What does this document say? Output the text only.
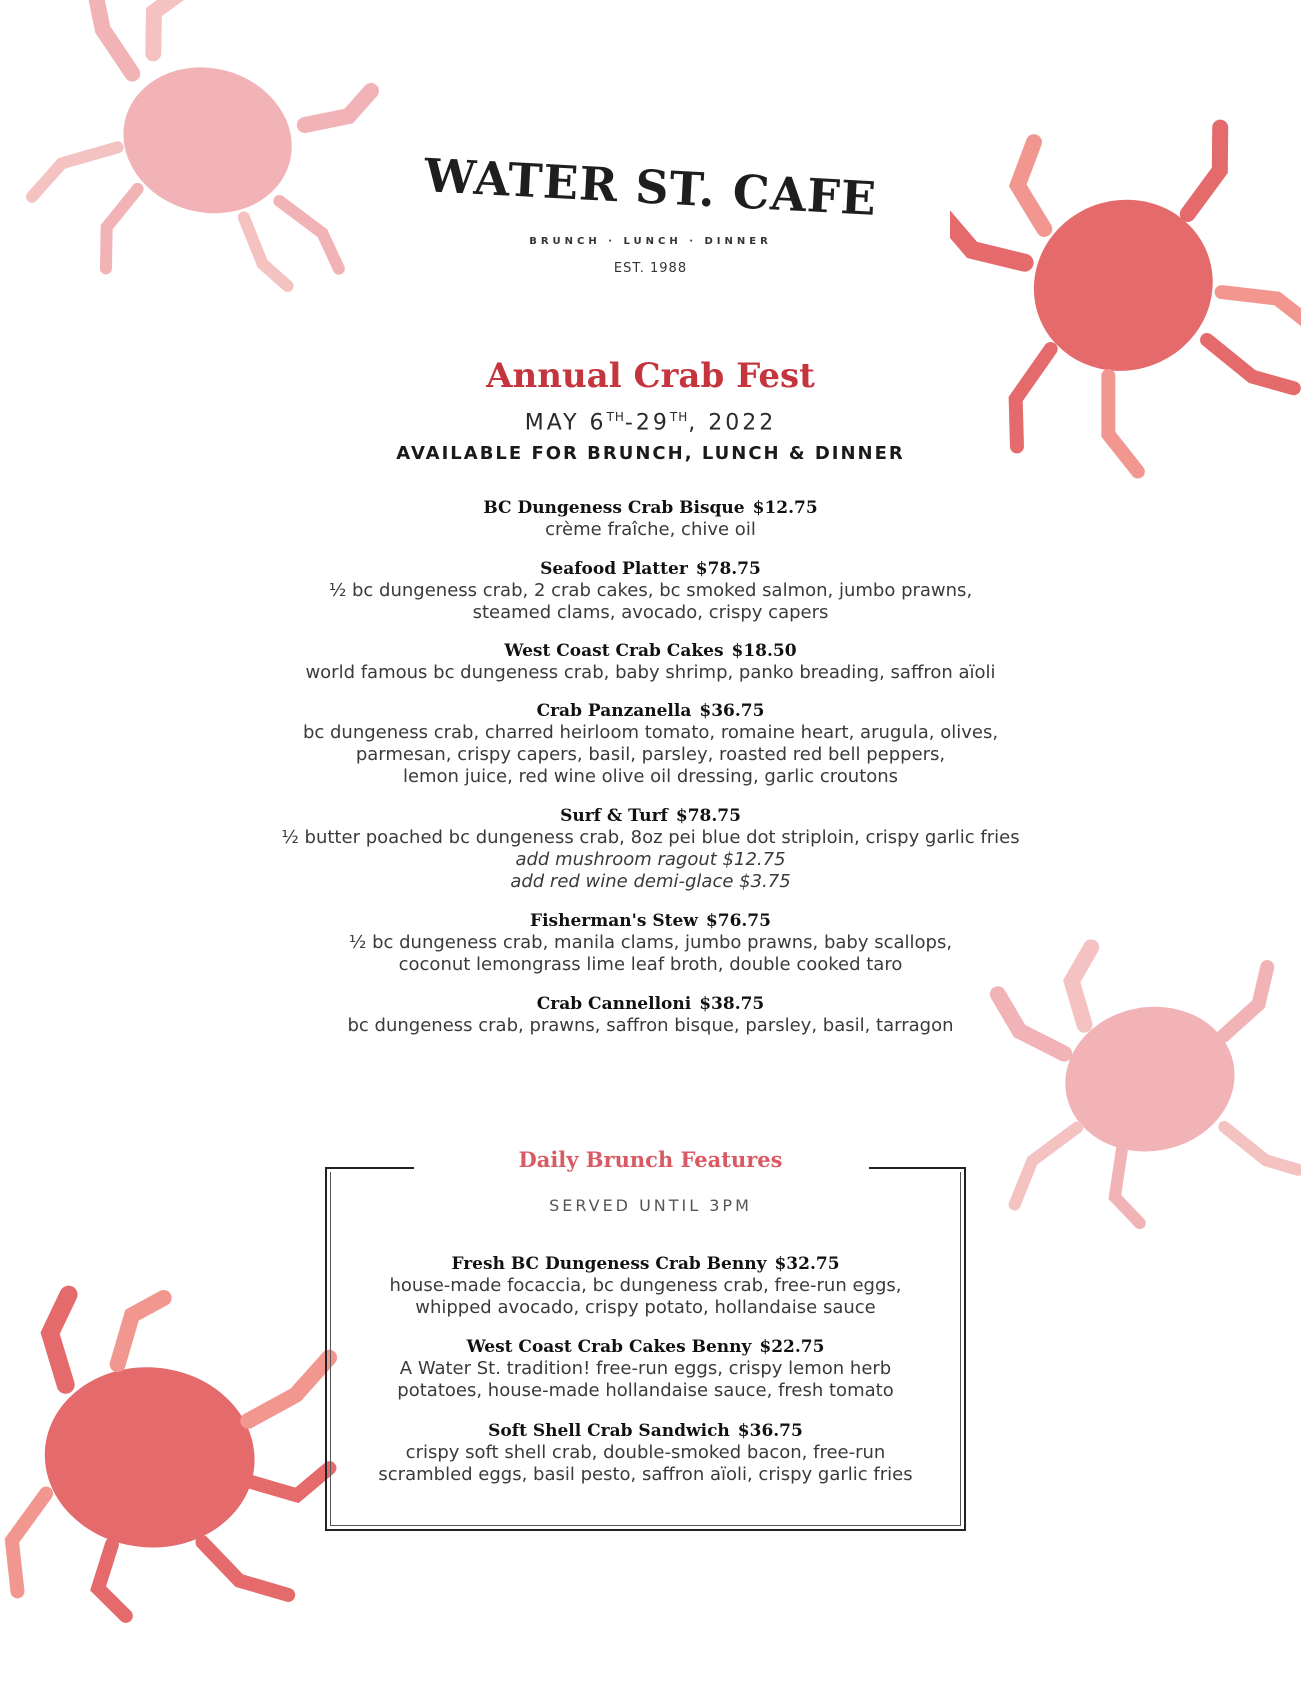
WATER ST. CAFE
BRUNCH · LUNCH · DINNER
EST. 1988
Annual Crab Fest
MAY 6TH-29TH, 2022
AVAILABLE FOR BRUNCH, LUNCH & DINNER
BC Dungeness Crab Bisque $12.75
crème fraîche, chive oil
Seafood Platter $78.75
½ bc dungeness crab, 2 crab cakes, bc smoked salmon, jumbo prawns,
steamed clams, avocado, crispy capers
West Coast Crab Cakes $18.50
world famous bc dungeness crab, baby shrimp, panko breading, saffron aïoli
Crab Panzanella $36.75
bc dungeness crab, charred heirloom tomato, romaine heart, arugula, olives,
parmesan, crispy capers, basil, parsley, roasted red bell peppers,
lemon juice, red wine olive oil dressing, garlic croutons
Surf & Turf $78.75
½ butter poached bc dungeness crab, 8oz pei blue dot striploin, crispy garlic fries
add mushroom ragout $12.75
add red wine demi-glace $3.75
Fisherman's Stew $76.75
½ bc dungeness crab, manila clams, jumbo prawns, baby scallops,
coconut lemongrass lime leaf broth, double cooked taro
Crab Cannelloni $38.75
bc dungeness crab, prawns, saffron bisque, parsley, basil, tarragon
Daily Brunch Features
SERVED UNTIL 3PM
Fresh BC Dungeness Crab Benny $32.75
house-made focaccia, bc dungeness crab, free-run eggs,
whipped avocado, crispy potato, hollandaise sauce
West Coast Crab Cakes Benny $22.75
A Water St. tradition! free-run eggs, crispy lemon herb
potatoes, house-made hollandaise sauce, fresh tomato
Soft Shell Crab Sandwich $36.75
crispy soft shell crab, double-smoked bacon, free-run
scrambled eggs, basil pesto, saffron aïoli, crispy garlic fries
